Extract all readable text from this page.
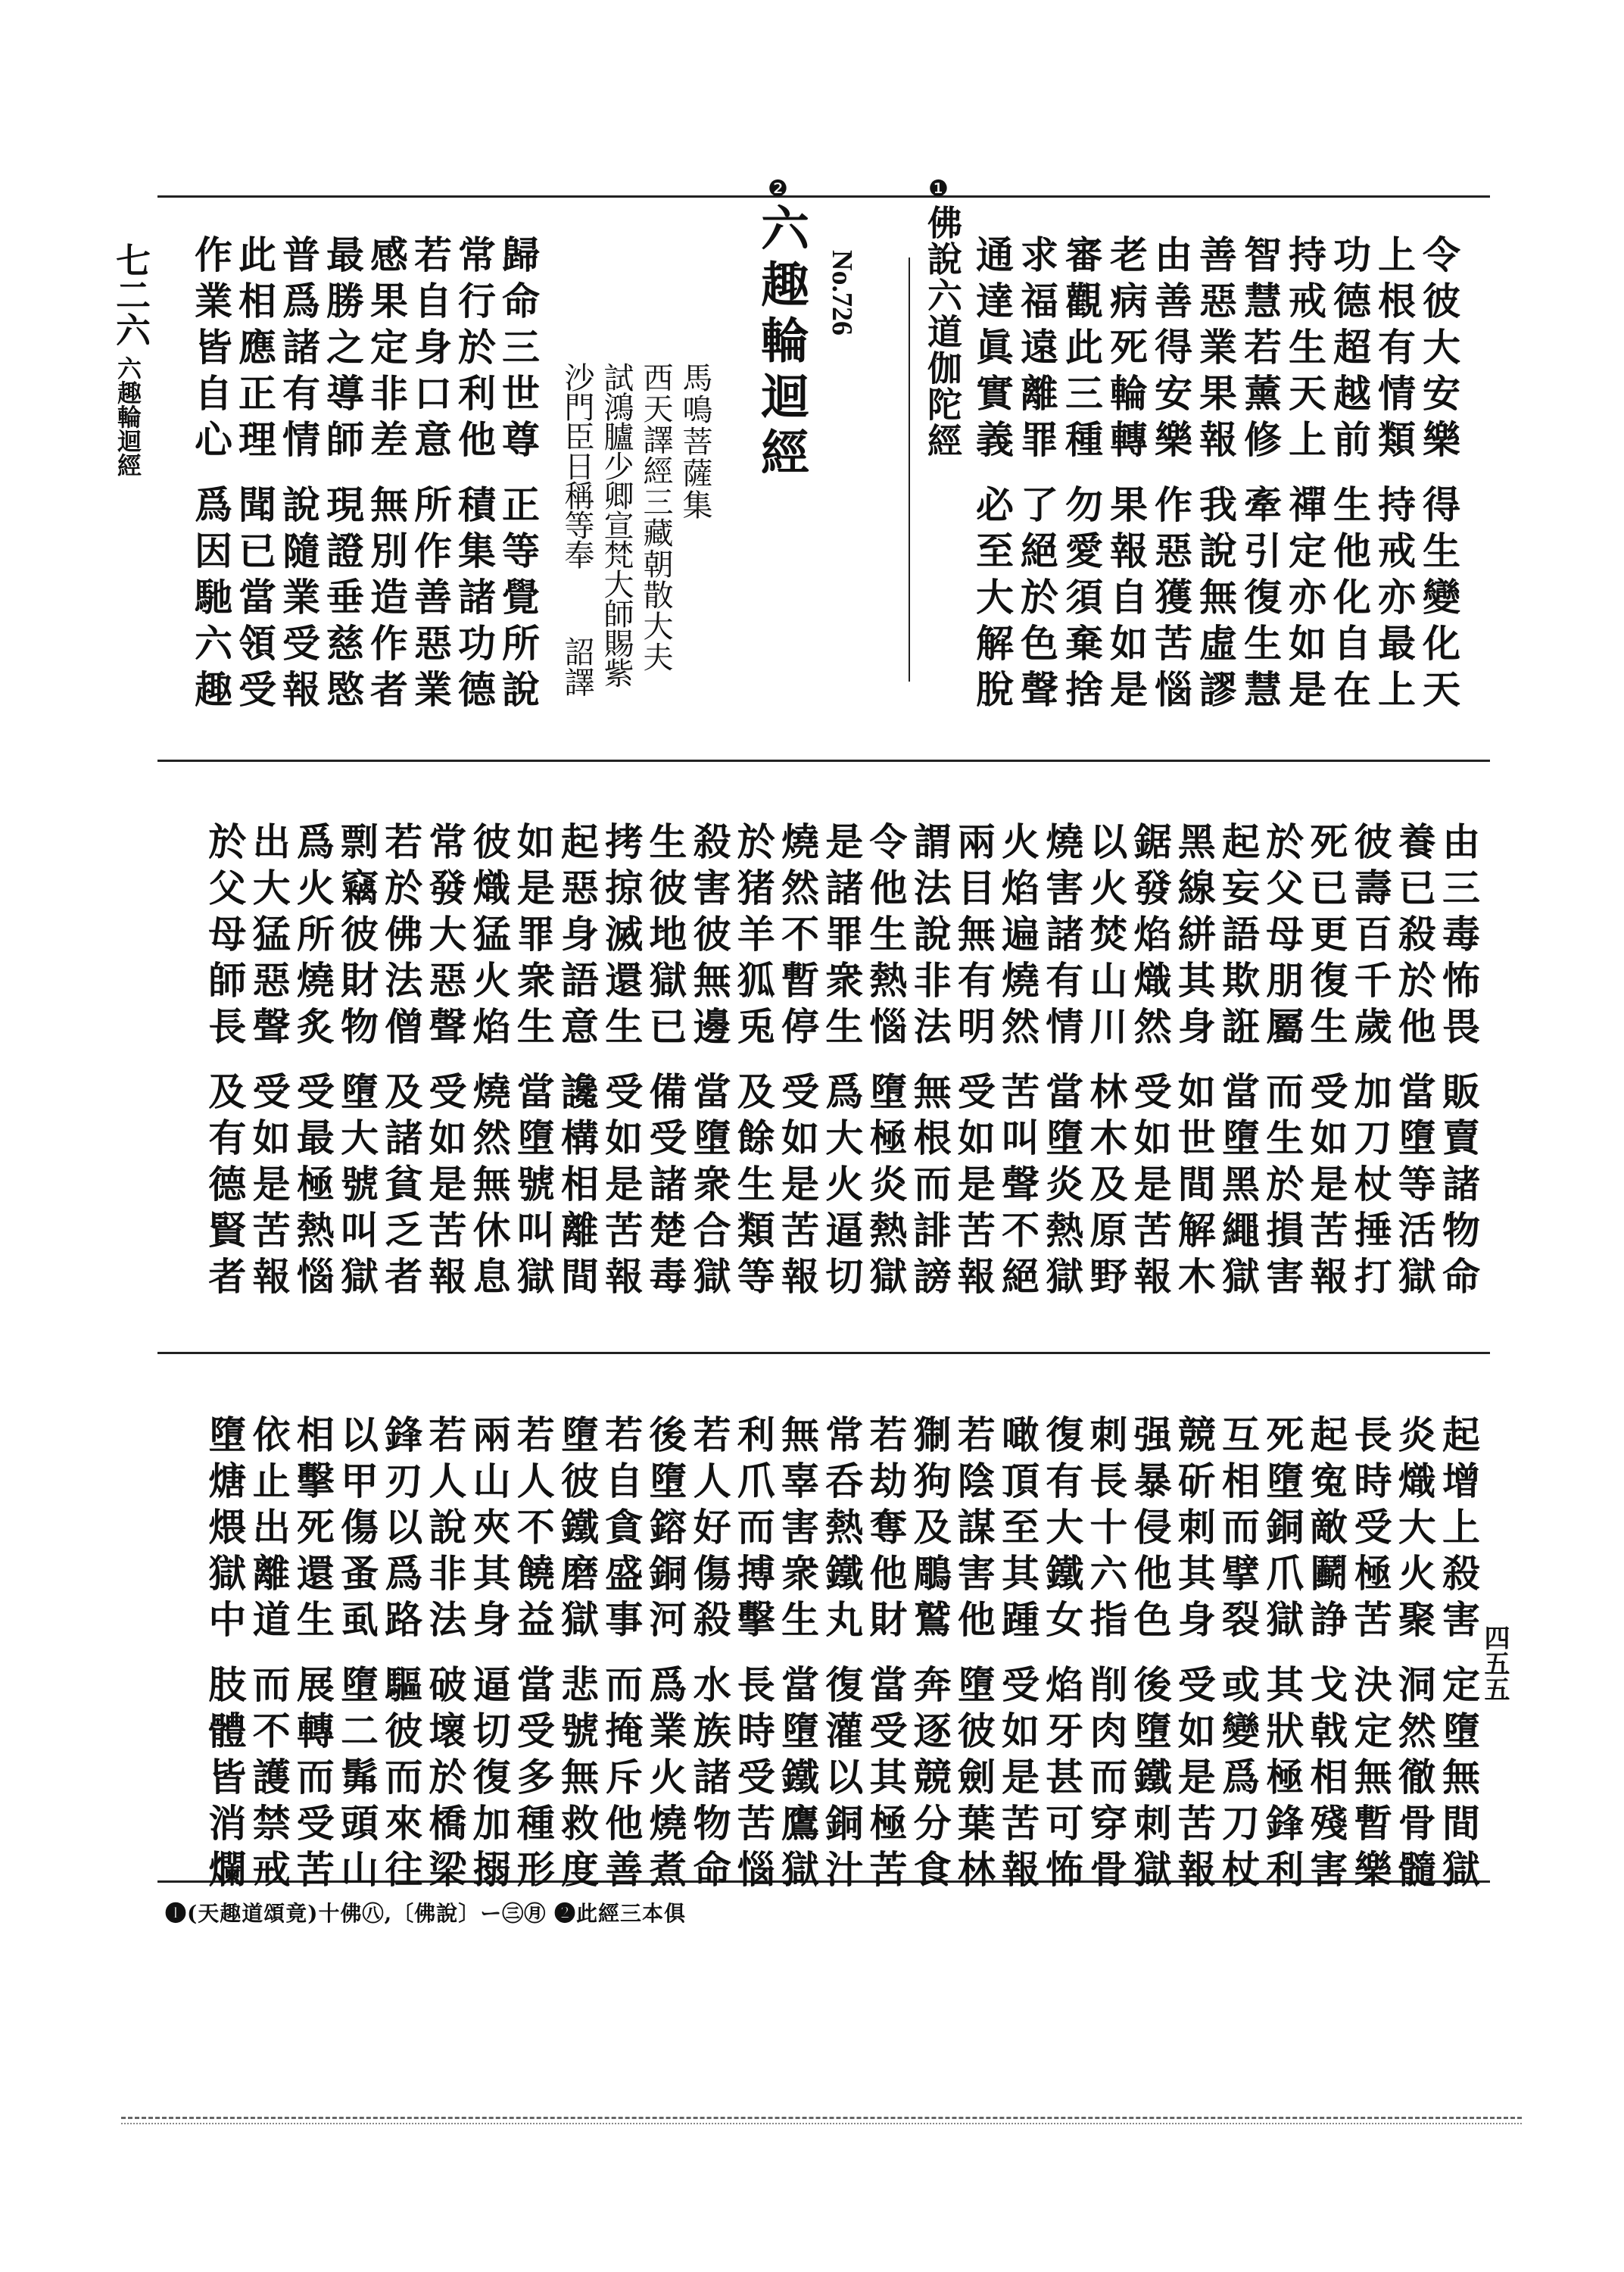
七二六
六趣輪迴經
四五五
令彼大安樂
得生變化天
上根有情類
持戒亦最上
功德超越前
生他化自在
持戒生天上
禪定亦如是
智慧若薰修
牽引復生慧
善惡業果報
我說無虛謬
由善得安樂
作惡獲苦惱
老病死輪轉
果報自如是
審觀此三種
勿愛須棄捨
求福遠離罪
了絕於色聲
通達眞實義
必至大解脫
❶
佛說六道伽陀經
No.726
❷
六趣輪迴經
馬鳴菩薩集
西天譯經三藏朝散大夫
試鴻臚少卿宣梵大師賜紫
沙門臣日稱等奉
詔譯
歸命三世尊
正等覺所說
常行於利他
積集諸功德
若自身口意
所作善惡業
感果定非差
無別造作者
最勝之導師
現證垂慈愍
普爲諸有情
說隨業受報
此相應正理
聞已當領受
作業皆自心
爲因馳六趣
由三毒怖畏
販賣諸物命
養已殺於他
當墮等活獄
彼壽百千歲
加刀杖捶打
死已更復生
受如是苦報
於父母朋屬
而生於損害
起妄語欺誑
當墮黑繩獄
黑線絣其身
如世間解木
鋸發焰熾然
受如是苦報
以火焚山川
林木及原野
燒害諸有情
當墮炎熱獄
火焰遍燒然
苦叫聲不絕
兩目無有明
受如是苦報
謂法說非法
無根而誹謗
令他生熱惱
墮極炎熱獄
是諸罪衆生
爲大火逼切
燒然不暫停
受如是苦報
於猪羊狐兎
及餘生類等
殺害彼無邊
當墮衆合獄
生彼地獄已
備受諸楚毒
拷掠滅還生
受如是苦報
起惡身語意
讒構相離間
如是罪衆生
當墮號叫獄
彼熾猛火焰
燒然無休息
常發大惡聲
受如是苦報
若於佛法僧
及諸貧乏者
剽竊彼財物
墮大號叫獄
爲火所燒炙
受最極熱惱
出大猛惡聲
受如是苦報
於父母師長
及有德賢者
起增上殺害
定墮無間獄
炎熾大火聚
洞然徹骨髓
長時受極苦
決定無暫樂
起寃敵鬬諍
戈戟相殘害
死墮銅爪獄
其狀極鋒利
互相而擘裂
或變爲刀杖
競斫刺其身
受如是苦報
强暴侵他色
後墮鐵刺獄
刺長十六指
削肉而穿骨
復有大鐵女
焰牙甚可怖
噉頂至其踵
受如是苦報
若陰謀害他
墮彼劍葉林
猘狗及鵰鷲
奔逐競分食
若劫奪他財
當受其極苦
常呑熱鐵丸
復灌以銅汁
無辜害衆生
當墮鐵鷹獄
利爪而搏擊
長時受苦惱
若人好傷殺
水族諸物命
後墮鎔銅河
爲業火燒煮
若自貪盛事
而掩斥他善
墮彼鐵磨獄
悲號無救度
若人不饒益
當受多種形
兩山夾其身
逼切復加搦
若人說非法
破壞於橋梁
鋒刃以爲路
驅彼而來往
以甲傷蚤虱
墮二髴頭山
相擊死還生
展轉而受苦
依止出離道
而不護禁戒
墮煻煨獄中
肢體皆消爛
❶(天趣道頌竟)十佛㊇,〔佛說〕ー㊂㊊ ❷此經三本俱
